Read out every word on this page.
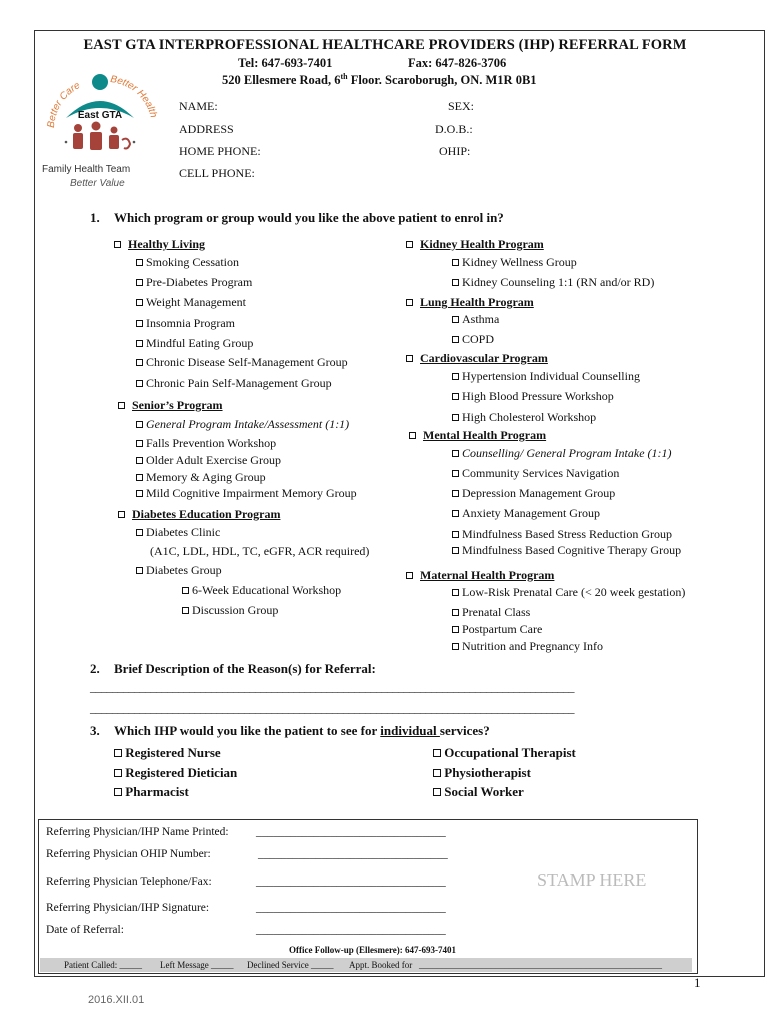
EAST GTA INTERPROFESSIONAL HEALTHCARE PROVIDERS (IHP) REFERRAL FORM
Tel: 647-693-7401	Fax: 647-826-3706
520 Ellesmere Road, 6th Floor. Scaroborugh, ON. M1R 0B1
Better Care
Better Health
East GTA
Family Health Team
Better Value
NAME:	SEX:
ADDRESS	D.O.B.:
HOME PHONE:	OHIP:
CELL PHONE:
1. Which program or group would you like the above patient to enrol in?
Healthy Living
Smoking Cessation
Pre-Diabetes Program
Weight Management
Insomnia Program
Mindful Eating Group
Chronic Disease Self-Management Group
Chronic Pain Self-Management Group
Senior’s Program
General Program Intake/Assessment (1:1)
Falls Prevention Workshop
Older Adult Exercise Group
Memory & Aging Group
Mild Cognitive Impairment Memory Group
Diabetes Education Program
Diabetes Clinic
(A1C, LDL, HDL, TC, eGFR, ACR required)
Diabetes Group
6-Week Educational Workshop
Discussion Group
Kidney Health Program
Kidney Wellness Group
Kidney Counseling 1:1 (RN and/or RD)
Lung Health Program
Asthma
COPD
Cardiovascular Program
Hypertension Individual Counselling
High Blood Pressure Workshop
High Cholesterol Workshop
Mental Health Program
Counselling/ General Program Intake (1:1)
Community Services Navigation
Depression Management Group
Anxiety Management Group
Mindfulness Based Stress Reduction Group
Mindfulness Based Cognitive Therapy Group
Maternal Health Program
Low-Risk Prenatal Care (< 20 week gestation)
Prenatal Class
Postpartum Care
Nutrition and Pregnancy Info
2. Brief Description of the Reason(s) for Referral:
________________________________________________________________________________________
________________________________________________________________________________________
3. Which IHP would you like the patient to see for individual services?
Registered Nurse
Registered Dietician
Pharmacist
Occupational Therapist
Physiotherapist
Social Worker
Referring Physician/IHP Name Printed: _________________________________
Referring Physician OHIP Number:	_________________________________
Referring Physician Telephone/Fax:	_________________________________	STAMP HERE
Referring Physician/IHP Signature:	_________________________________
Date of Referral:	_________________________________
Office Follow-up (Ellesmere): 647-693-7401
Patient Called: _____ Left Message _____ Declined Service _____ Appt. Booked for ______________________________________________________
1
2016.XII.01
